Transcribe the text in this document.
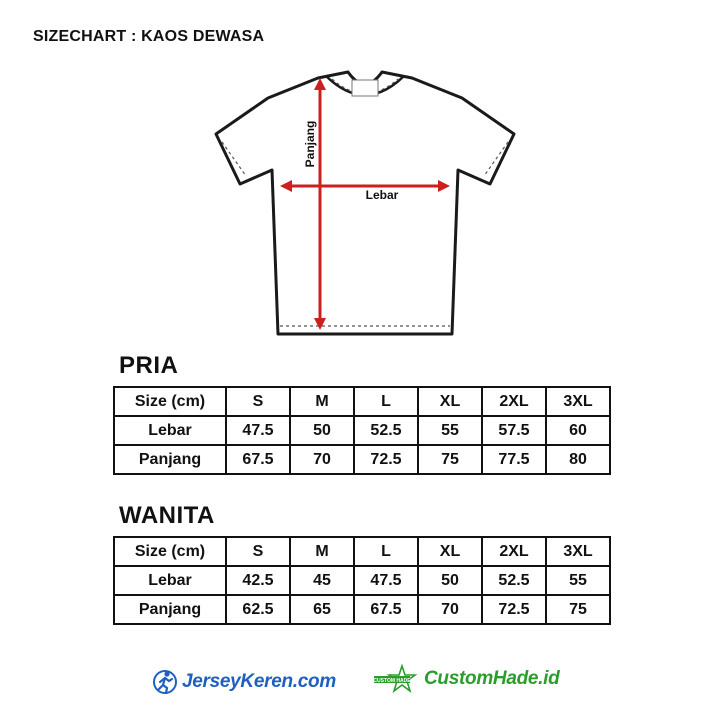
SIZECHART : KAOS DEWASA
Panjang
Lebar
PRIA
Size (cm)	S	M	L	XL	2XL	3XL
Lebar	47.5	50	52.5	55	57.5	60
Panjang	67.5	70	72.5	75	77.5	80
WANITA
Size (cm)	S	M	L	XL	2XL	3XL
Lebar	42.5	45	47.5	50	52.5	55
Panjang	62.5	65	67.5	70	72.5	75
JerseyKeren.com	CUSTOM HADE CustomHade.id
